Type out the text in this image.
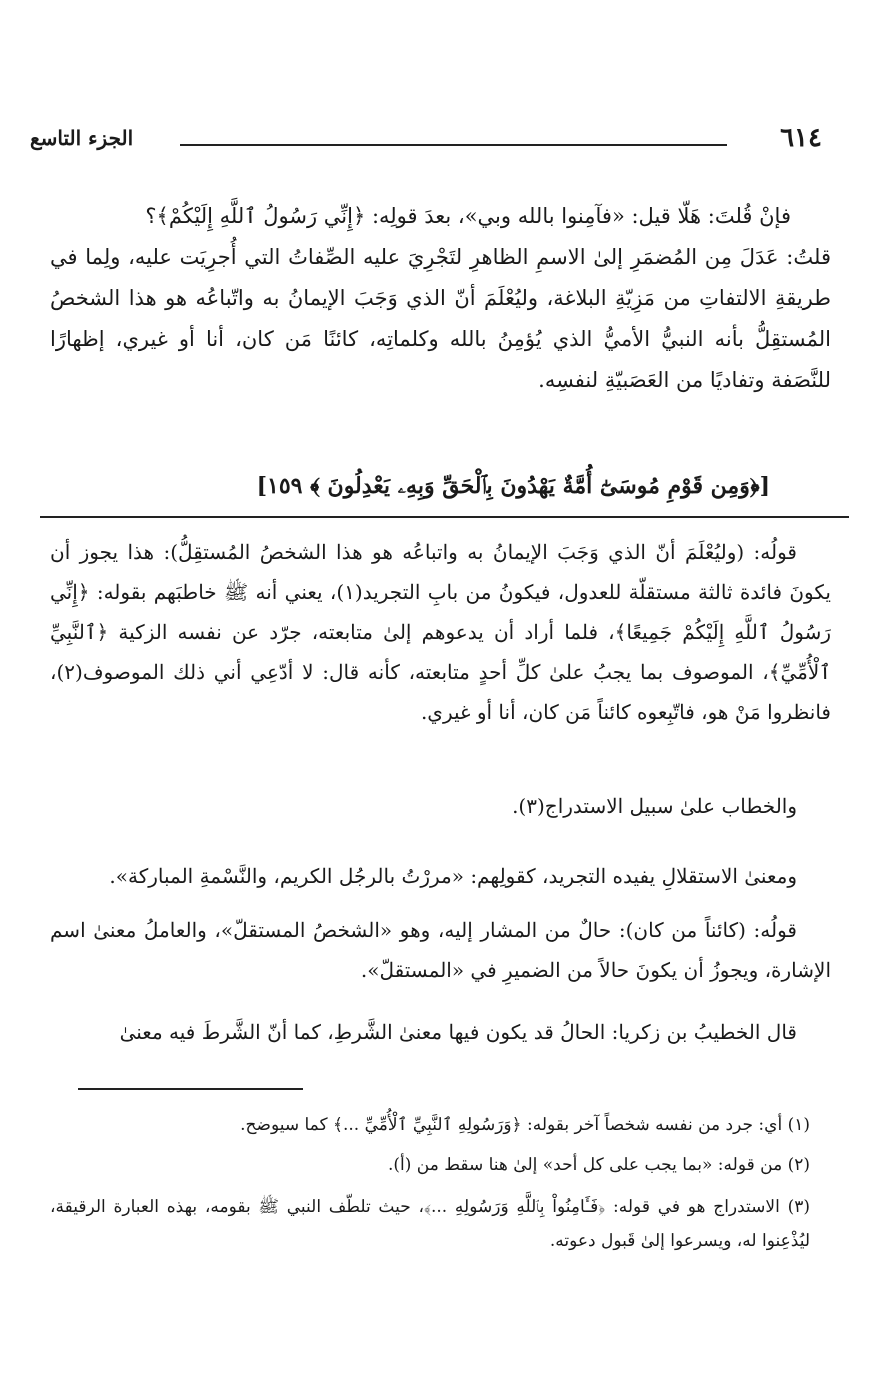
٦١٤
الجزء التاسع
فإنْ قُلتَ: هَلّا قيل: «فآمِنوا بالله وبي»، بعدَ قولِه: ﴿إِنِّي رَسُولُ ٱللَّهِ إِلَيْكُمْ﴾؟
قلتُ: عَدَلَ مِن المُضمَرِ إلىٰ الاسمِ الظاهرِ لتَجْرِيَ عليه الصِّفاتُ التي أُجرِيَت عليه، ولِما في طريقةِ الالتفاتِ من مَزِيّةِ البلاغة، وليُعْلَمَ أنّ الذي وَجَبَ الإيمانُ به واتّباعُه هو هذا الشخصُ المُستقِلُّ بأنه النبيُّ الأميُّ الذي يُؤمِنُ بالله وكلماتِه، كائنًا مَن كان، أنا أو غيري، إظهارًا للنَّصَفة وتفاديًا من العَصَبيّةِ لنفسِه.
[﴿وَمِن قَوْمِ مُوسَىٰٓ أُمَّةٌ يَهْدُونَ بِٱلْحَقِّ وَبِهِۦ يَعْدِلُونَ ﴾ ١٥٩]

قولُه: (وليُعْلَمَ أنّ الذي وَجَبَ الإيمانُ به واتباعُه هو هذا الشخصُ المُستقِلُّ): هذا يجوز أن يكونَ فائدة ثالثة مستقلّة للعدول، فيكونُ من بابِ التجريد(١)، يعني أنه ﷺ خاطبَهم بقوله: ﴿إِنِّي رَسُولُ ٱللَّهِ إِلَيْكُمْ جَمِيعًا﴾، فلما أراد أن يدعوهم إلىٰ متابعته، جرّد عن نفسه الزكية ﴿ٱلنَّبِيِّ ٱلْأُمِّيِّ﴾، الموصوف بما يجبُ علىٰ كلِّ أحدٍ متابعته، كأنه قال: لا أدّعِي أني ذلك الموصوف(٢)، فانظروا مَنْ هو، فاتّبِعوه كائناً مَن كان، أنا أو غيري.

والخطاب علىٰ سبيل الاستدراج(٣).

ومعنىٰ الاستقلالِ يفيده التجريد، كقولِهم: «مررْتُ بالرجُل الكريم، والنَّسْمةِ المباركة».

قولُه: (كائناً من كان): حالٌ من المشار إليه، وهو «الشخصُ المستقلّ»، والعاملُ معنىٰ اسم الإشارة، ويجوزُ أن يكونَ حالاً من الضميرِ في «المستقلّ».

قال الخطيبُ بن زكريا: الحالُ قد يكون فيها معنىٰ الشَّرطِ، كما أنّ الشَّرطَ فيه معنىٰ

(١) أي: جرد من نفسه شخصاً آخر بقوله: ﴿وَرَسُولِهِ ٱلنَّبِيِّ ٱلْأُمِّيِّ ...﴾ كما سيوضح.

(٢) من قوله: «بما يجب على كل أحد» إلىٰ هنا سقط من (أ).

(٣) الاستدراج هو في قوله: ﴿فَـَٔامِنُواْ بِٱللَّهِ وَرَسُولِهِ ...﴾، حيث تلطّف النبي ﷺ بقومه، بهذه العبارة الرقيقة، ليُذْعِنوا له، ويسرعوا إلىٰ قَبول دعوته.
